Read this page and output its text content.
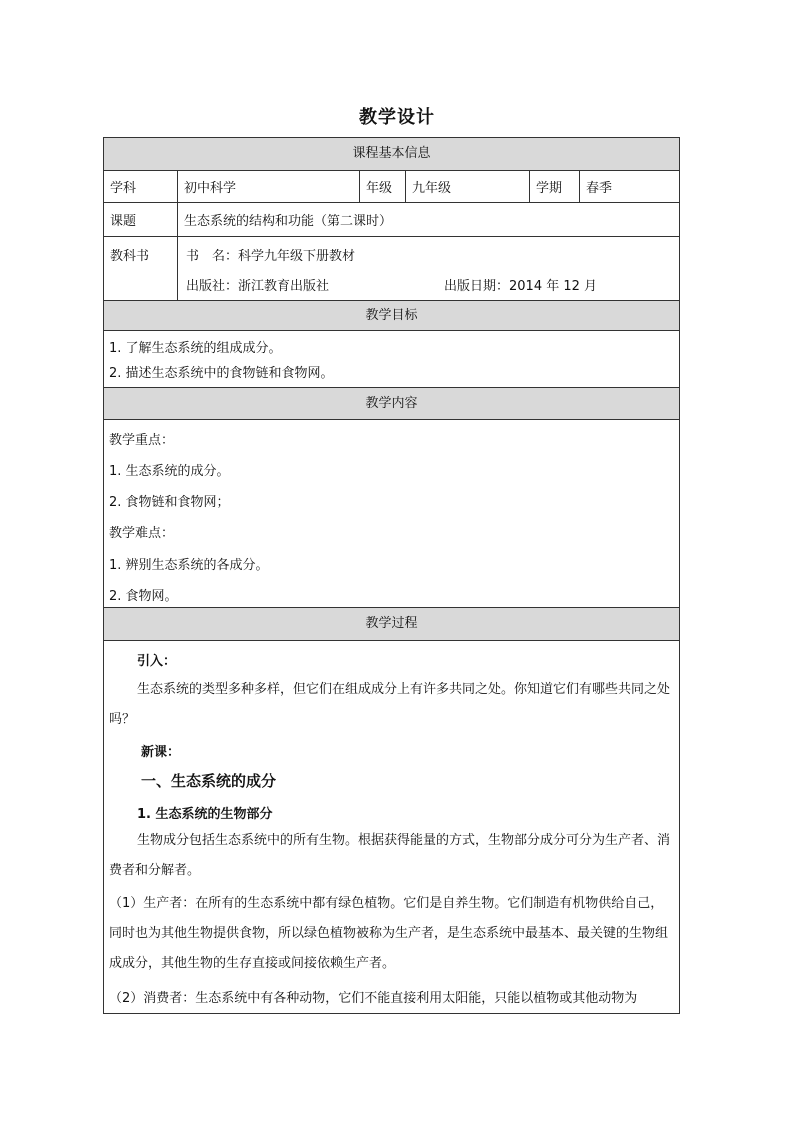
教学设计
课程基本信息
学科	初中科学	年级	九年级	学期	春季
课题	生态系统的结构和功能（第二课时）
教科书	书　名：科学九年级下册教材
出版社：浙江教育出版社	出版日期：2014 年 12 月
教学目标
1. 了解生态系统的组成成分。
2. 描述生态系统中的食物链和食物网。
教学内容
教学重点：
1. 生态系统的成分。
2. 食物链和食物网；
教学难点：
1. 辨别生态系统的各成分。
2. 食物网。
教学过程
引入：

生态系统的类型多种多样，但它们在组成成分上有许多共同之处。你知道它们有哪些共同之处吗？

新课：
一、生态系统的成分
1. 生态系统的生物部分

生物成分包括生态系统中的所有生物。根据获得能量的方式，生物部分成分可分为生产者、消费者和分解者。

（1）生产者：在所有的生态系统中都有绿色植物。它们是自养生物。它们制造有机物供给自己，同时也为其他生物提供食物，所以绿色植物被称为生产者，是生态系统中最基本、最关键的生物组成成分，其他生物的生存直接或间接依赖生产者。

（2）消费者：生态系统中有各种动物，它们不能直接利用太阳能，只能以植物或其他动物为
